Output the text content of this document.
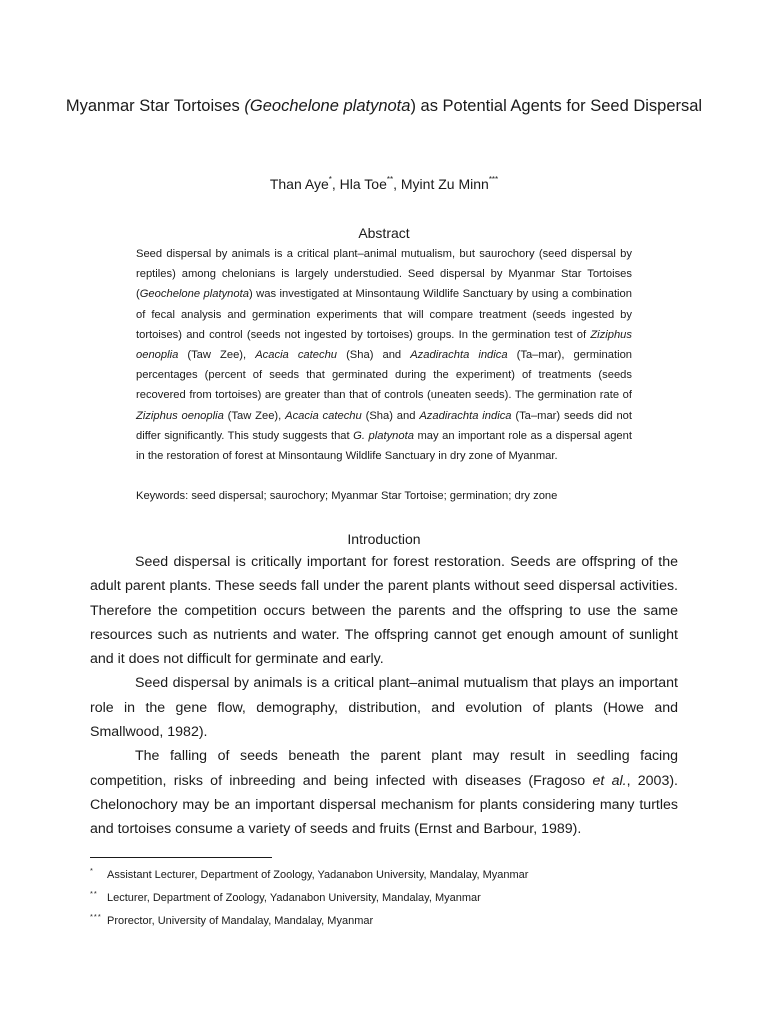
Myanmar Star Tortoises (Geochelone platynota) as Potential Agents for Seed Dispersal
Than Aye*, Hla Toe**, Myint Zu Minn***
Abstract

Seed dispersal by animals is a critical plant–animal mutualism, but saurochory (seed dispersal by reptiles) among chelonians is largely understudied. Seed dispersal by Myanmar Star Tortoises (Geochelone platynota) was investigated at Minsontaung Wildlife Sanctuary by using a combination of fecal analysis and germination experiments that will compare treatment (seeds ingested by tortoises) and control (seeds not ingested by tortoises) groups. In the germination test of Ziziphus oenoplia (Taw Zee), Acacia catechu (Sha) and Azadirachta indica (Ta–mar), germination percentages (percent of seeds that germinated during the experiment) of treatments (seeds recovered from tortoises) are greater than that of controls (uneaten seeds). The germination rate of Ziziphus oenoplia (Taw Zee), Acacia catechu (Sha) and Azadirachta indica (Ta–mar) seeds did not differ significantly. This study suggests that G. platynota may an important role as a dispersal agent in the restoration of forest at Minsontaung Wildlife Sanctuary in dry zone of Myanmar.

Keywords: seed dispersal; saurochory; Myanmar Star Tortoise; germination; dry zone
Introduction

Seed dispersal is critically important for forest restoration. Seeds are offspring of the adult parent plants. These seeds fall under the parent plants without seed dispersal activities. Therefore the competition occurs between the parents and the offspring to use the same resources such as nutrients and water. The offspring cannot get enough amount of sunlight and it does not difficult for germinate and early.

Seed dispersal by animals is a critical plant–animal mutualism that plays an important role in the gene flow, demography, distribution, and evolution of plants (Howe and Smallwood, 1982).

The falling of seeds beneath the parent plant may result in seedling facing competition, risks of inbreeding and being infected with diseases (Fragoso et al., 2003). Chelonochory may be an important dispersal mechanism for plants considering many turtles and tortoises consume a variety of seeds and fruits (Ernst and Barbour, 1989).

*	Assistant Lecturer, Department of Zoology, Yadanabon University, Mandalay, Myanmar
** Lecturer, Department of Zoology, Yadanabon University, Mandalay, Myanmar
*** Prorector, University of Mandalay, Mandalay, Myanmar
